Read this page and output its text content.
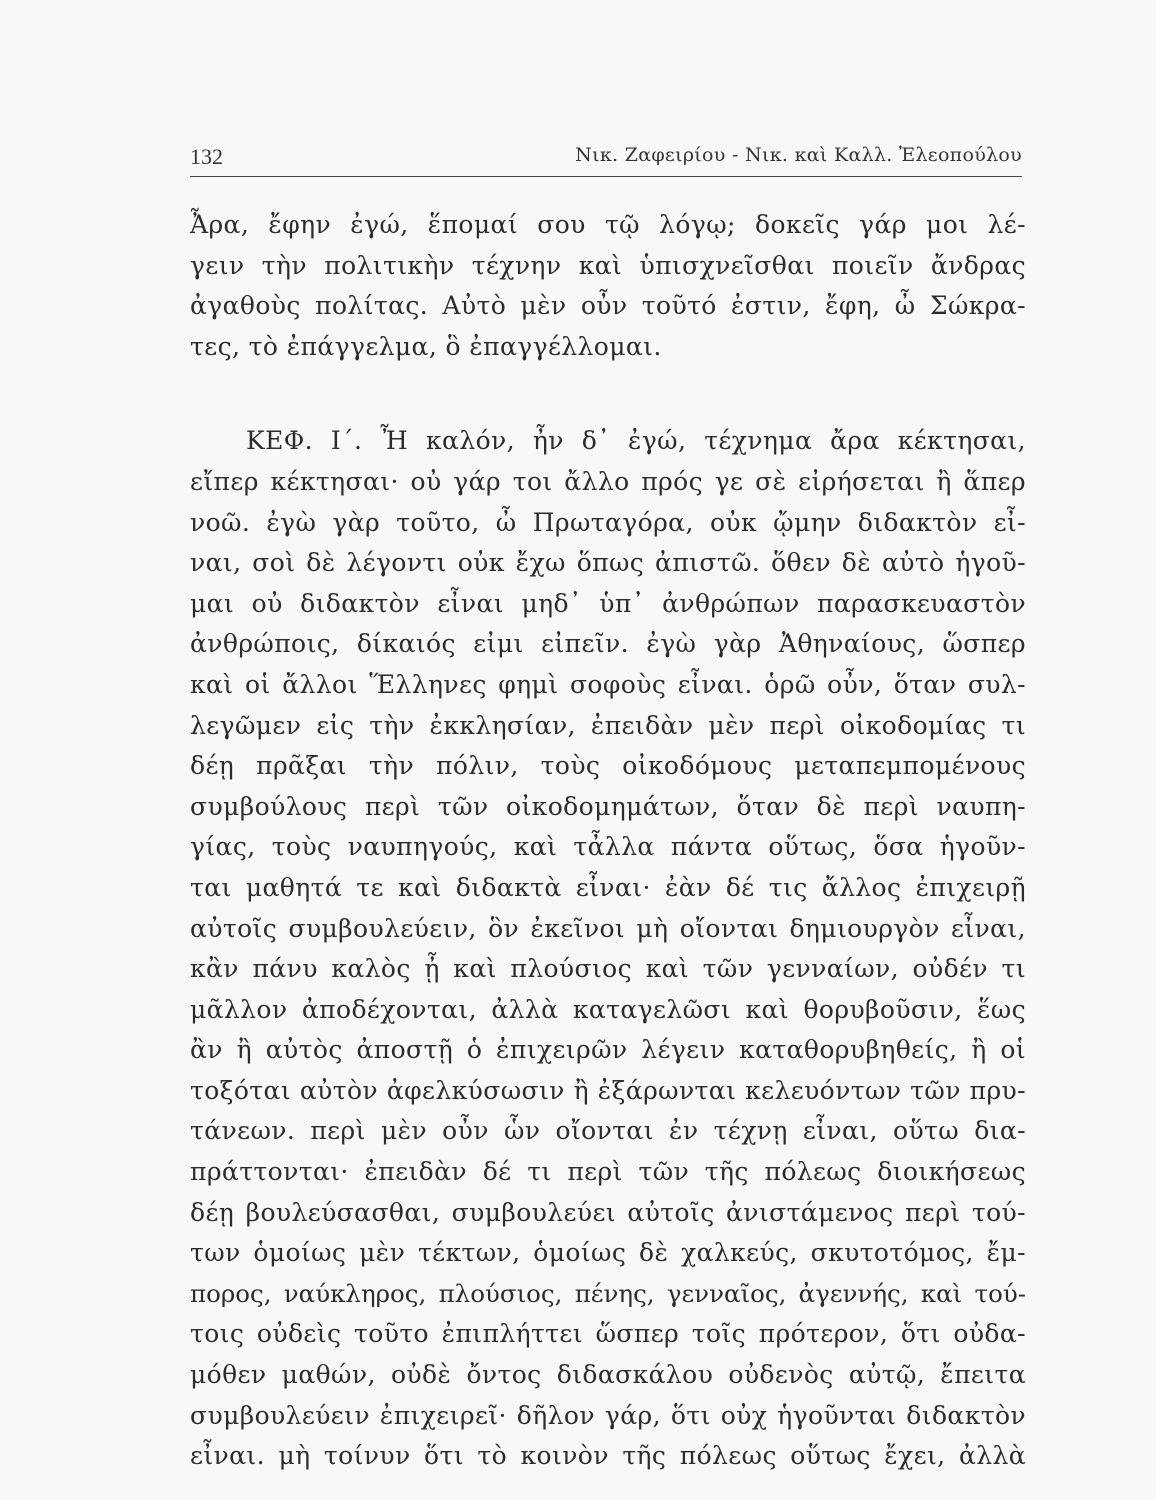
132	Νικ. Ζαφειρίου - Νικ. καὶ Καλλ. Ἐλεοπούλου
Ἆρα, ἔφην ἐγώ, ἕπομαί σου τῷ λόγῳ; δοκεῖς γάρ μοι λέ-
γειν τὴν πολιτικὴν τέχνην καὶ ὑπισχνεῖσθαι ποιεῖν ἄνδρας
ἀγαθοὺς πολίτας. Αὐτὸ μὲν οὖν τοῦτό ἐστιν, ἔφη, ὦ Σώκρα-
τες, τὸ ἐπάγγελμα, ὃ ἐπαγγέλλομαι.
ΚΕΦ. Ι΄. Ἦ καλόν, ἦν δ᾽ ἐγώ, τέχνημα ἄρα κέκτησαι,
εἴπερ κέκτησαι· οὐ γάρ τοι ἄλλο πρός γε σὲ εἰρήσεται ἢ ἅπερ
νοῶ. ἐγὼ γὰρ τοῦτο, ὦ Πρωταγόρα, οὐκ ᾤμην διδακτὸν εἶ-
ναι, σοὶ δὲ λέγοντι οὐκ ἔχω ὅπως ἀπιστῶ. ὅθεν δὲ αὐτὸ ἡγοῦ-
μαι οὐ διδακτὸν εἶναι μηδ᾽ ὑπ᾽ ἀνθρώπων παρασκευαστὸν
ἀνθρώποις, δίκαιός εἰμι εἰπεῖν. ἐγὼ γὰρ Ἀθηναίους, ὥσπερ
καὶ οἱ ἄλλοι Ἕλληνες φημὶ σοφοὺς εἶναι. ὁρῶ οὖν, ὅταν συλ-
λεγῶμεν εἰς τὴν ἐκκλησίαν, ἐπειδὰν μὲν περὶ οἰκοδομίας τι
δέῃ πρᾶξαι τὴν πόλιν, τοὺς οἰκοδόμους μεταπεμπομένους
συμβούλους περὶ τῶν οἰκοδομημάτων, ὅταν δὲ περὶ ναυπη-
γίας, τοὺς ναυπηγούς, καὶ τἆλλα πάντα οὕτως, ὅσα ἡγοῦν-
ται μαθητά τε καὶ διδακτὰ εἶναι· ἐὰν δέ τις ἄλλος ἐπιχειρῇ
αὐτοῖς συμβουλεύειν, ὃν ἐκεῖνοι μὴ οἴονται δημιουργὸν εἶναι,
κἂν πάνυ καλὸς ᾖ καὶ πλούσιος καὶ τῶν γενναίων, οὐδέν τι
μᾶλλον ἀποδέχονται, ἀλλὰ καταγελῶσι καὶ θορυβοῦσιν, ἕως
ἂν ἢ αὐτὸς ἀποστῇ ὁ ἐπιχειρῶν λέγειν καταθορυβηθείς, ἢ οἱ
τοξόται αὐτὸν ἀφελκύσωσιν ἢ ἐξάρωνται κελευόντων τῶν πρυ-
τάνεων. περὶ μὲν οὖν ὧν οἴονται ἐν τέχνῃ εἶναι, οὕτω δια-
πράττονται· ἐπειδὰν δέ τι περὶ τῶν τῆς πόλεως διοικήσεως
δέῃ βουλεύσασθαι, συμβουλεύει αὐτοῖς ἀνιστάμενος περὶ τού-
των ὁμοίως μὲν τέκτων, ὁμοίως δὲ χαλκεύς, σκυτοτόμος, ἔμ-
πορος, ναύκληρος, πλούσιος, πένης, γενναῖος, ἀγεννής, καὶ τού-
τοις οὐδεὶς τοῦτο ἐπιπλήττει ὥσπερ τοῖς πρότερον, ὅτι οὐδα-
μόθεν μαθών, οὐδὲ ὄντος διδασκάλου οὐδενὸς αὐτῷ, ἔπειτα
συμβουλεύειν ἐπιχειρεῖ· δῆλον γάρ, ὅτι οὐχ ἡγοῦνται διδακτὸν
εἶναι. μὴ τοίνυν ὅτι τὸ κοινὸν τῆς πόλεως οὕτως ἔχει, ἀλλὰ
